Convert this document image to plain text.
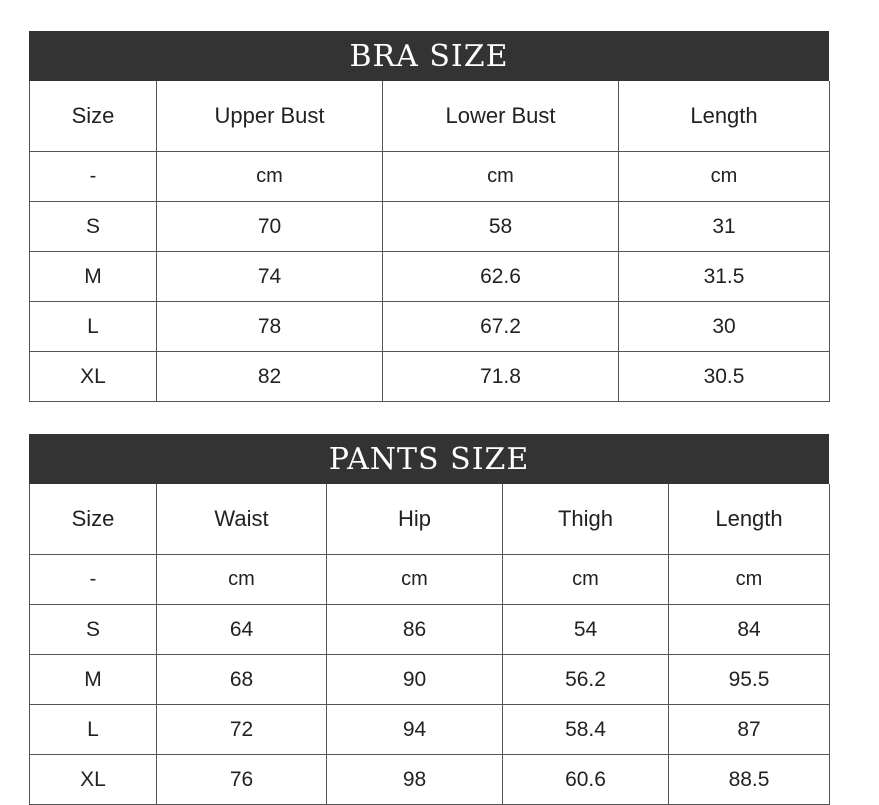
BRA SIZE
Size	Upper Bust	Lower Bust	Length
-	cm	cm	cm
S	70	58	31
M	74	62.6	31.5
L	78	67.2	30
XL	82	71.8	30.5
PANTS SIZE
Size	Waist	Hip	Thigh	Length
-	cm	cm	cm	cm
S	64	86	54	84
M	68	90	56.2	95.5
L	72	94	58.4	87
XL	76	98	60.6	88.5
